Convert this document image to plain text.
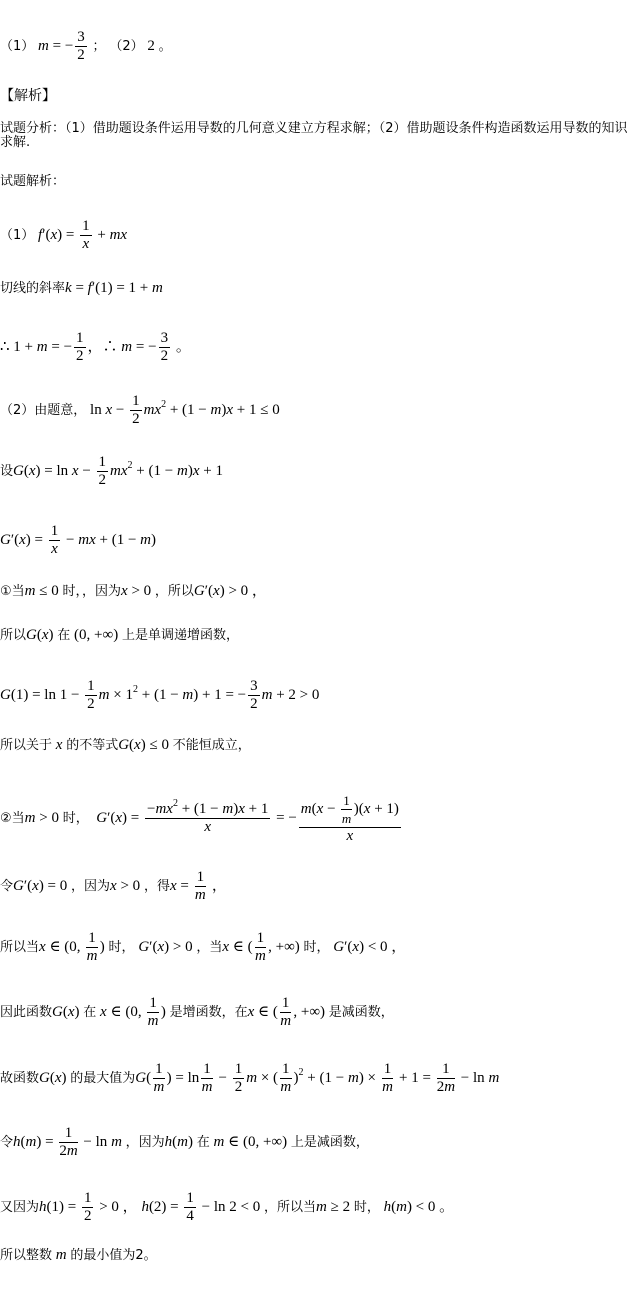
（1） m = − $\frac{3}{2}$ ； （2） 2 。
【解析】
试题分析：（1）借助题设条件运用导数的几何意义建立方程求解；（2）借助题设条件构造函数运用导数的知识求解.
试题解析：
（1） $f'(x) = \frac{1}{x}$ + mx
切线的斜率k = f′(1) = 1 + m
∴ 1 + m = − $\frac{1}{2}$ ，∴ m = − $\frac{3}{2}$ 。
（2）由题意， $\ln x - \frac{1}{2} mx^2 + (1 - m)x + 1 \le 0$
设$G(x) = \ln x - \frac{1}{2} mx^2 + (1 - m)x + 1$
$G'(x) = \frac{1}{x}$ − mx + (1 − m)
①当m ≤ 0 时，，因为x > 0 ，所以G′(x) > 0 ，
所以G(x) 在 (0, +∞) 上是单调递增函数，
$G(1) = \ln 1 - \frac{1}{2}$ $m \times 1^2 + (1 - m) + 1$ = − $\frac{3}{2}$ m + 2 > 0
所以关于 x 的不等式G(x) ≤ 0 不能恒成立，
②当m > 0 时， $G'(x) = \frac{-mx^2 + (1 - m)x + 1}{x}$ = − $\frac{m(x - \frac{1}{m} )(x + 1)}{x}$
令G′(x) = 0 ，因为x > 0 ，得$x = \frac{1}{m}$ ，
所以当x ∈ (0, $\frac{1}{m}$ ) 时， G′(x) > 0 ，当x ∈ ( $\frac{1}{m}$ , +∞) 时， G′(x) < 0 ，
因此函数G(x) 在 x ∈ (0, $\frac{1}{m}$ ) 是增函数，在x ∈ ( $\frac{1}{m}$ , +∞) 是减函数，
故函数G(x) 的最大值为$G( \frac{1}{m}$ ) = $\ln \frac{1}{m} - \frac{1}{2}$ m × ( $\frac{1}{m} )^2 + (1 - m) \times \frac{1}{m} + 1 = \frac{1}{2m} - \ln m$
令$h(m) = \frac{1}{2m} - \ln m$ ，因为h(m) 在 m ∈ (0, +∞) 上是减函数，
又因为$h(1) = \frac{1}{2} > 0$ ， $h(2) = \frac{1}{4} - \ln 2 < 0$ ，所以当m ≥ 2 时， h(m) < 0 。
所以整数 m 的最小值为2。
